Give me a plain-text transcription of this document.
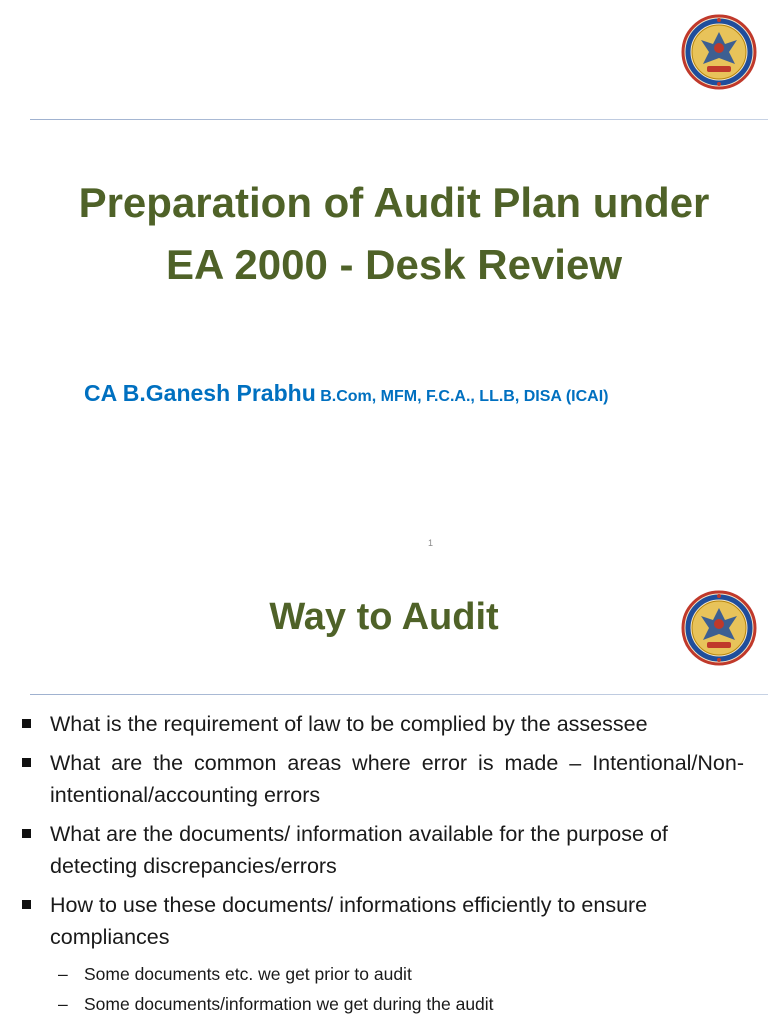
Preparation of Audit Plan under
EA 2000 - Desk Review

CA B.Ganesh Prabhu B.Com, MFM, F.C.A., LL.B, DISA (ICAI)

1
Way to Audit
What is the requirement of law to be complied by the assessee
What are the common areas where error is made – Intentional/Non-intentional/accounting errors
What are the documents/ information available for the purpose of detecting discrepancies/errors
How to use these documents/ informations efficiently to ensure compliances
– Some documents etc. we get prior to audit
– Some documents/information we get during the audit
